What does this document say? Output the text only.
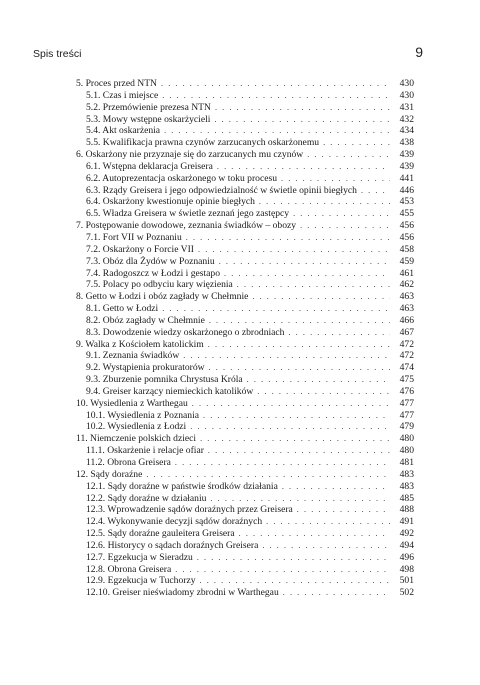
Spis treści	9
5. Proces przed NTN . . .	430
5.1. Czas i miejsce . . .	430
5.2. Przemówienie prezesa NTN . . .	431
5.3. Mowy wstępne oskarżycieli . . .	432
5.4. Akt oskarżenia . . .	434
5.5. Kwalifikacja prawna czynów zarzucanych oskarżonemu . . .	438
6. Oskarżony nie przyznaje się do zarzucanych mu czynów . . .	439
6.1. Wstępna deklaracja Greisera . . .	439
6.2. Autoprezentacja oskarżonego w toku procesu . . .	441
6.3. Rządy Greisera i jego odpowiedzialność w świetle opinii biegłych . . .	446
6.4. Oskarżony kwestionuje opinie biegłych . . .	453
6.5. Władza Greisera w świetle zeznań jego zastępcy . . .	455
7. Postępowanie dowodowe, zeznania świadków – obozy . . .	456
7.1. Fort VII w Poznaniu . . .	456
7.2. Oskarżony o Forcie VII . . .	458
7.3. Obóz dla Żydów w Poznaniu . . .	459
7.4. Radogoszcz w Łodzi i gestapo . . .	461
7.5. Polacy po odbyciu kary więzienia . . .	462
8. Getto w Łodzi i obóz zagłady w Chełmnie . . .	463
8.1. Getto w Łodzi . . .	463
8.2. Obóz zagłady w Chełmnie . . .	466
8.3. Dowodzenie wiedzy oskarżonego o zbrodniach . . .	467
9. Walka z Kościołem katolickim . . .	472
9.1. Zeznania świadków . . .	472
9.2. Wystąpienia prokuratorów . . .	474
9.3. Zburzenie pomnika Chrystusa Króla . . .	475
9.4. Greiser karzący niemieckich katolików . . .	476
10. Wysiedlenia z Warthegau . . .	477
10.1. Wysiedlenia z Poznania . . .	477
10.2. Wysiedlenia z Łodzi . . .	479
11. Niemczenie polskich dzieci . . .	480
11.1. Oskarżenie i relacje ofiar . . .	480
11.2. Obrona Greisera . . .	481
12. Sądy doraźne . . .	483
12.1. Sądy doraźne w państwie środków działania . . .	483
12.2. Sądy doraźne w działaniu . . .	485
12.3. Wprowadzenie sądów doraźnych przez Greisera . . .	488
12.4. Wykonywanie decyzji sądów doraźnych . . .	491
12.5. Sądy doraźne gauleitera Greisera . . .	492
12.6. Historycy o sądach doraźnych Greisera . . .	494
12.7. Egzekucja w Sieradzu . . .	496
12.8. Obrona Greisera . . .	498
12.9. Egzekucja w Tuchorzy . . .	501
12.10. Greiser nieświadomy zbrodni w Warthegau . . .	502
